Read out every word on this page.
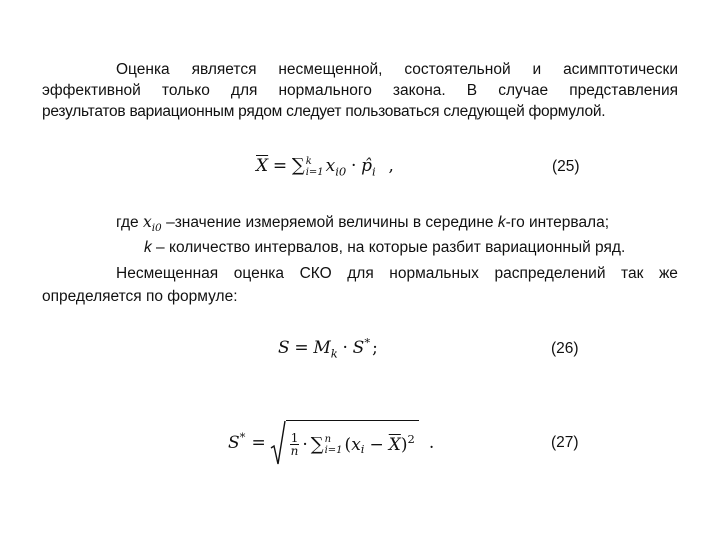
Оценка является несмещенной, состоятельной и асимптотически
эффективной только для нормального закона. В случае представления
результатов вариационным рядом следует пользоваться следующей формулой.
$\overline{X}$ = ∑ k
i=1 $x_{i0}$ · $p̂_i$ ,	(25)
где $x_{i0}$ –значение измеряемой величины в середине k-го интервала;
k – количество интервалов, на которые разбит вариационный ряд.
Несмещенная оценка СКО для нормальных распределений так же
определяется по формуле:
$S = M_k \cdot S^*$ ;	(26)
$S^* = \frac{1}{n}$ · ∑ n
i=1 ( $x_i - \overline{X}$ )$^2$ .	(27)
